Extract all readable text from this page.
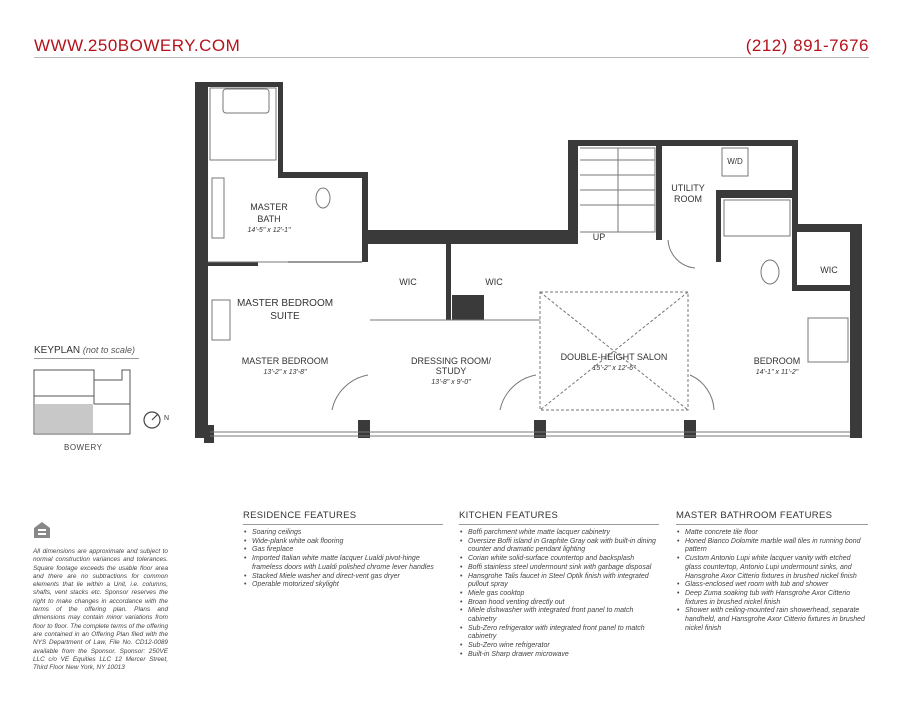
WWW.250BOWERY.COM	(212) 891-7676
MASTER
BATH
14'-5" x 12'-1"
MASTER BEDROOM
SUITE
MASTER BEDROOM
13'-2" x 13'-8"
WIC	WIC
WIC
DRESSING ROOM/
STUDY
13'-8" x 9'-0"
DOUBLE-HEIGHT SALON
15'-2" x 12'-6"
BEDROOM
14'-1" x 11'-2"
UTILITY
ROOM
W/D
UP
KEYPLAN (not to scale)
N
BOWERY
All dimensions are approximate and subject to normal construction variances and tolerances. Square footage exceeds the usable floor area and there are no subtractions for common elements that lie within a Unit, i.e. columns, shafts, vent stacks etc. Sponsor reserves the right to make changes in accordance with the terms of the offering plan. Plans and dimensions may contain minor variations from floor to floor. The complete terms of the offering are contained in an Offering Plan filed with the NYS Department of Law, File No. CD12-0089 available from the Sponsor. Sponsor: 250VE LLC c/o VE Equities LLC 12 Mercer Street, Third Floor New York, NY 10013
RESIDENCE FEATURES
• Soaring ceilings
• Wide-plank white oak flooring
• Gas fireplace
• Imported Italian white matte lacquer Lualdi pivot-hinge frameless doors with Lualdi polished chrome lever handles
• Stacked Miele washer and direct-vent gas dryer
• Operable motorized skylight
KITCHEN FEATURES
• Boffi parchment white matte lacquer cabinetry
• Oversize Boffi island in Graphite Gray oak with built-in dining counter and dramatic pendant lighting
• Corian white solid-surface countertop and backsplash
• Boffi stainless steel undermount sink with garbage disposal
• Hansgrohe Talis faucet in Steel Optik finish with integrated pullout spray
• Miele gas cooktop
• Broan hood venting directly out
• Miele dishwasher with integrated front panel to match cabinetry
• Sub-Zero refrigerator with integrated front panel to match cabinetry
• Sub-Zero wine refrigerator
• Built-in Sharp drawer microwave
MASTER BATHROOM FEATURES
• Matte concrete tile floor
• Honed Bianco Dolomite marble wall tiles in running bond pattern
• Custom Antonio Lupi white lacquer vanity with etched glass countertop, Antonio Lupi undermount sinks, and Hansgrohe Axor Citterio fixtures in brushed nickel finish
• Glass-enclosed wet room with tub and shower
• Deep Zuma soaking tub with Hansgrohe Axor Citterio fixtures in brushed nickel finish
• Shower with ceiling-mounted rain showerhead, separate handheld, and Hansgrohe Axor Citterio fixtures in brushed nickel finish
